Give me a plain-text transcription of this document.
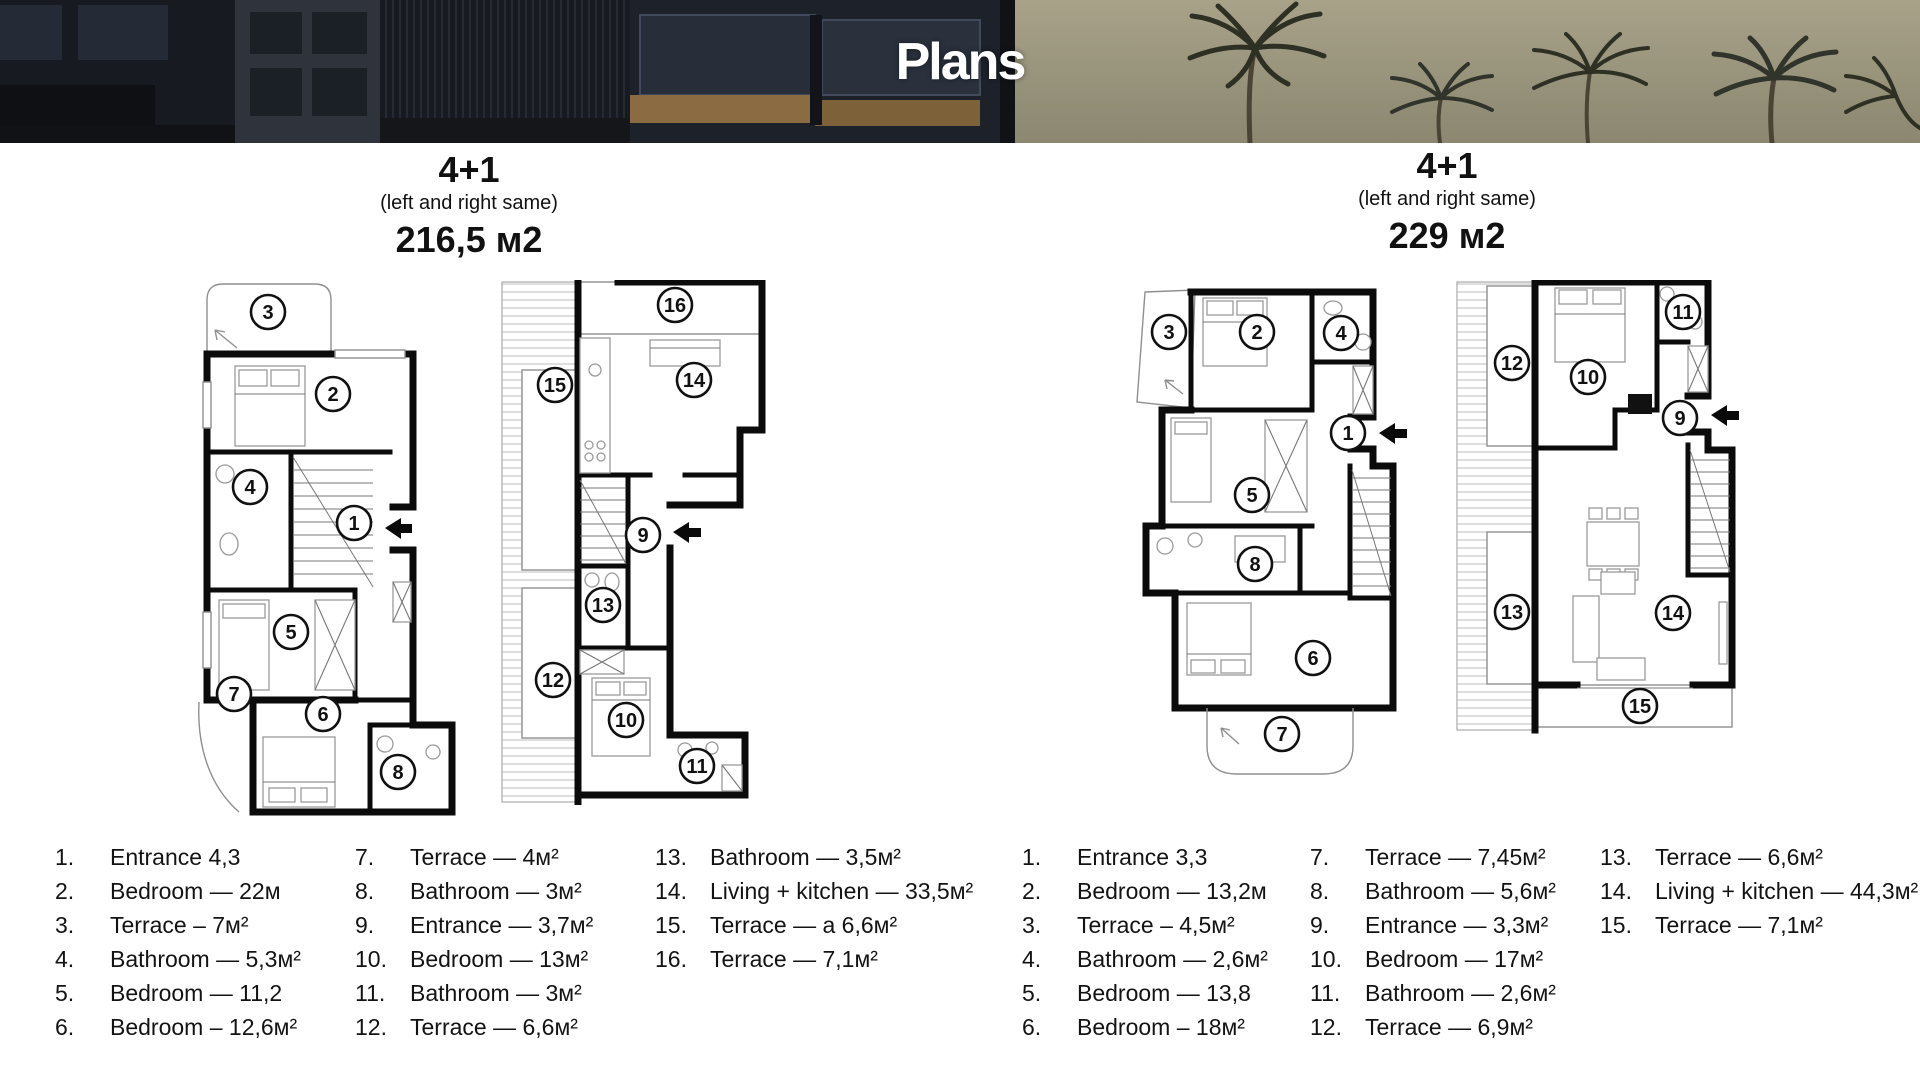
Plans
4+1
(left and right same)
216,5 м2
4+1
(left and right same)
229 м2
3
2
4
1
5
7
6
8
16
15	14
9
13
12
10
11
3	2	4
1
5
8
6
7
11
12
10
9
13	14
15
1.	Entrance 4,3
2.	Bedroom — 22м
3.	Terrace – 7м²
4.	Bathroom — 5,3м²
5.	Bedroom — 11,2
6.	Bedroom – 12,6м²
7.	Terrace — 4м²
8.	Bathroom — 3м²
9.	Entrance — 3,7м²
10.	Bedroom — 13м²
11.	Bathroom — 3м²
12.	Terrace — 6,6м²
13.	Bathroom — 3,5м²
14.	Living + kitchen — 33,5м²
15.	Terrace — a 6,6м²
16.	Terrace — 7,1м²
1.	Entrance 3,3
2.	Bedroom — 13,2м
3.	Terrace – 4,5м²
4.	Bathroom — 2,6м²
5.	Bedroom — 13,8
6.	Bedroom – 18м²
7.	Terrace — 7,45м²
8.	Bathroom — 5,6м²
9.	Entrance — 3,3м²
10.	Bedroom — 17м²
11.	Bathroom — 2,6м²
12.	Terrace — 6,9м²
13.	Terrace — 6,6м²
14.	Living + kitchen — 44,3м²
15.	Terrace — 7,1м²
